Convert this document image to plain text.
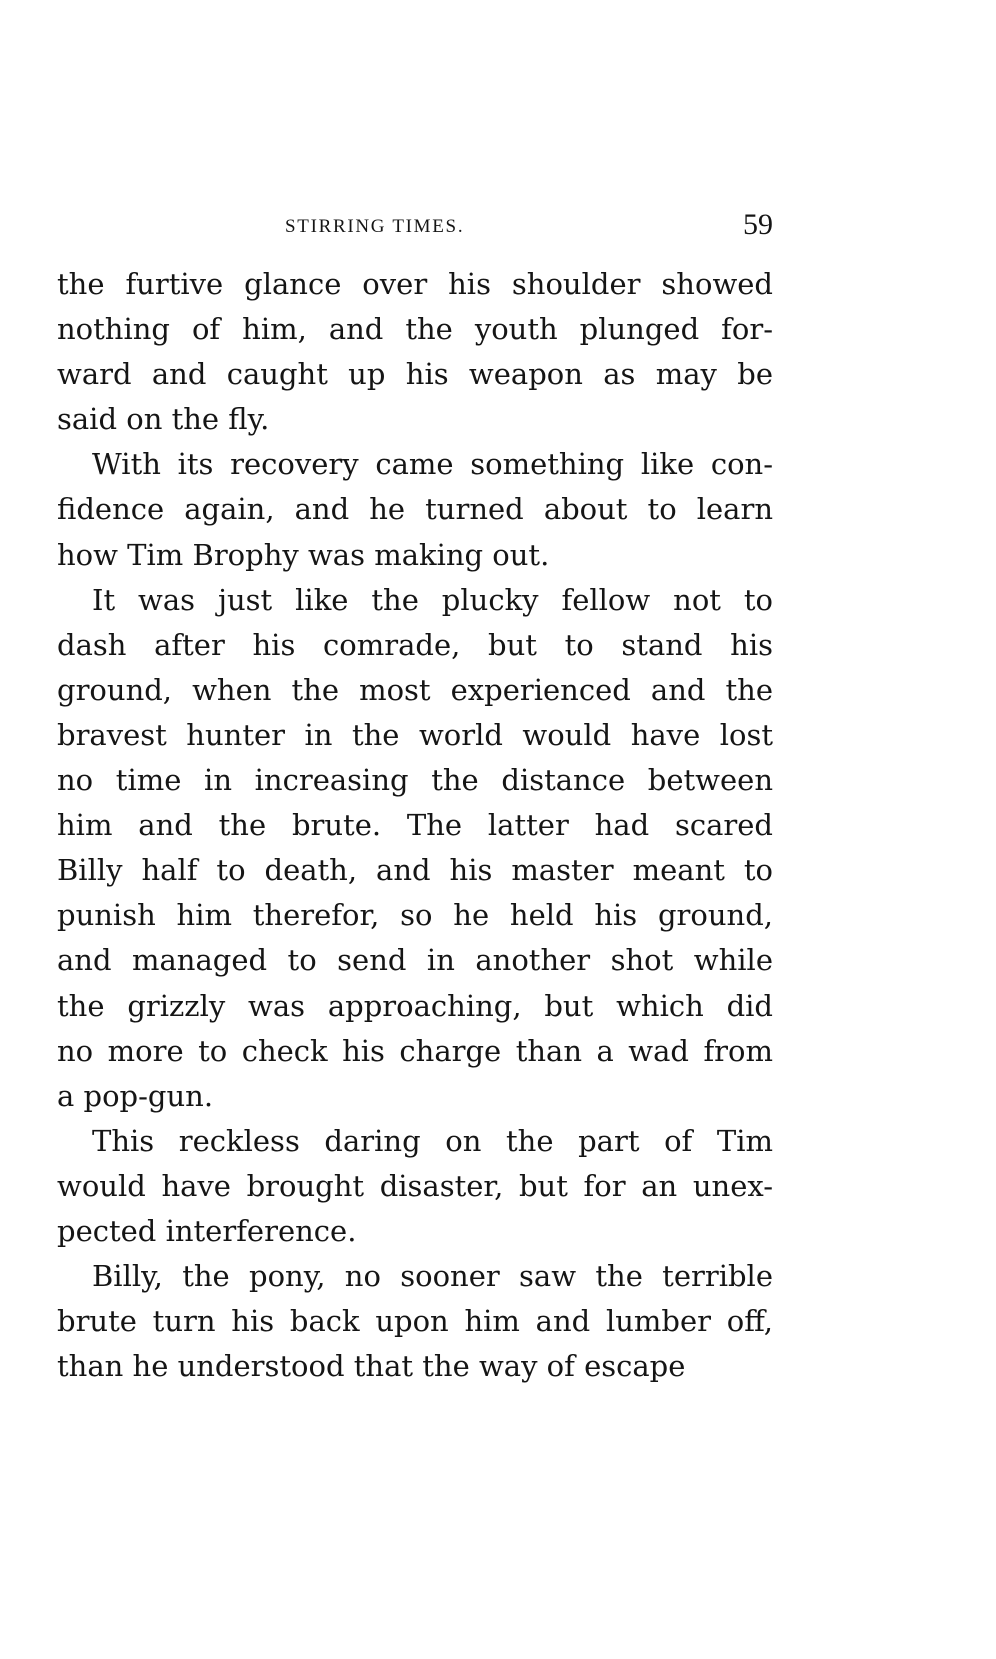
STIRRING TIMES.	59
the furtive glance over his shoulder showed
nothing of him, and the youth plunged for-
ward and caught up his weapon as may be
said on the fly.
With its recovery came something like con-
fidence again, and he turned about to learn
how Tim Brophy was making out.
It was just like the plucky fellow not to
dash after his comrade, but to stand his
ground, when the most experienced and the
bravest hunter in the world would have lost
no time in increasing the distance between
him and the brute. The latter had scared
Billy half to death, and his master meant to
punish him therefor, so he held his ground,
and managed to send in another shot while
the grizzly was approaching, but which did
no more to check his charge than a wad from
a pop-gun.
This reckless daring on the part of Tim
would have brought disaster, but for an unex-
pected interference.
Billy, the pony, no sooner saw the terrible
brute turn his back upon him and lumber off,
than he understood that the way of escape
